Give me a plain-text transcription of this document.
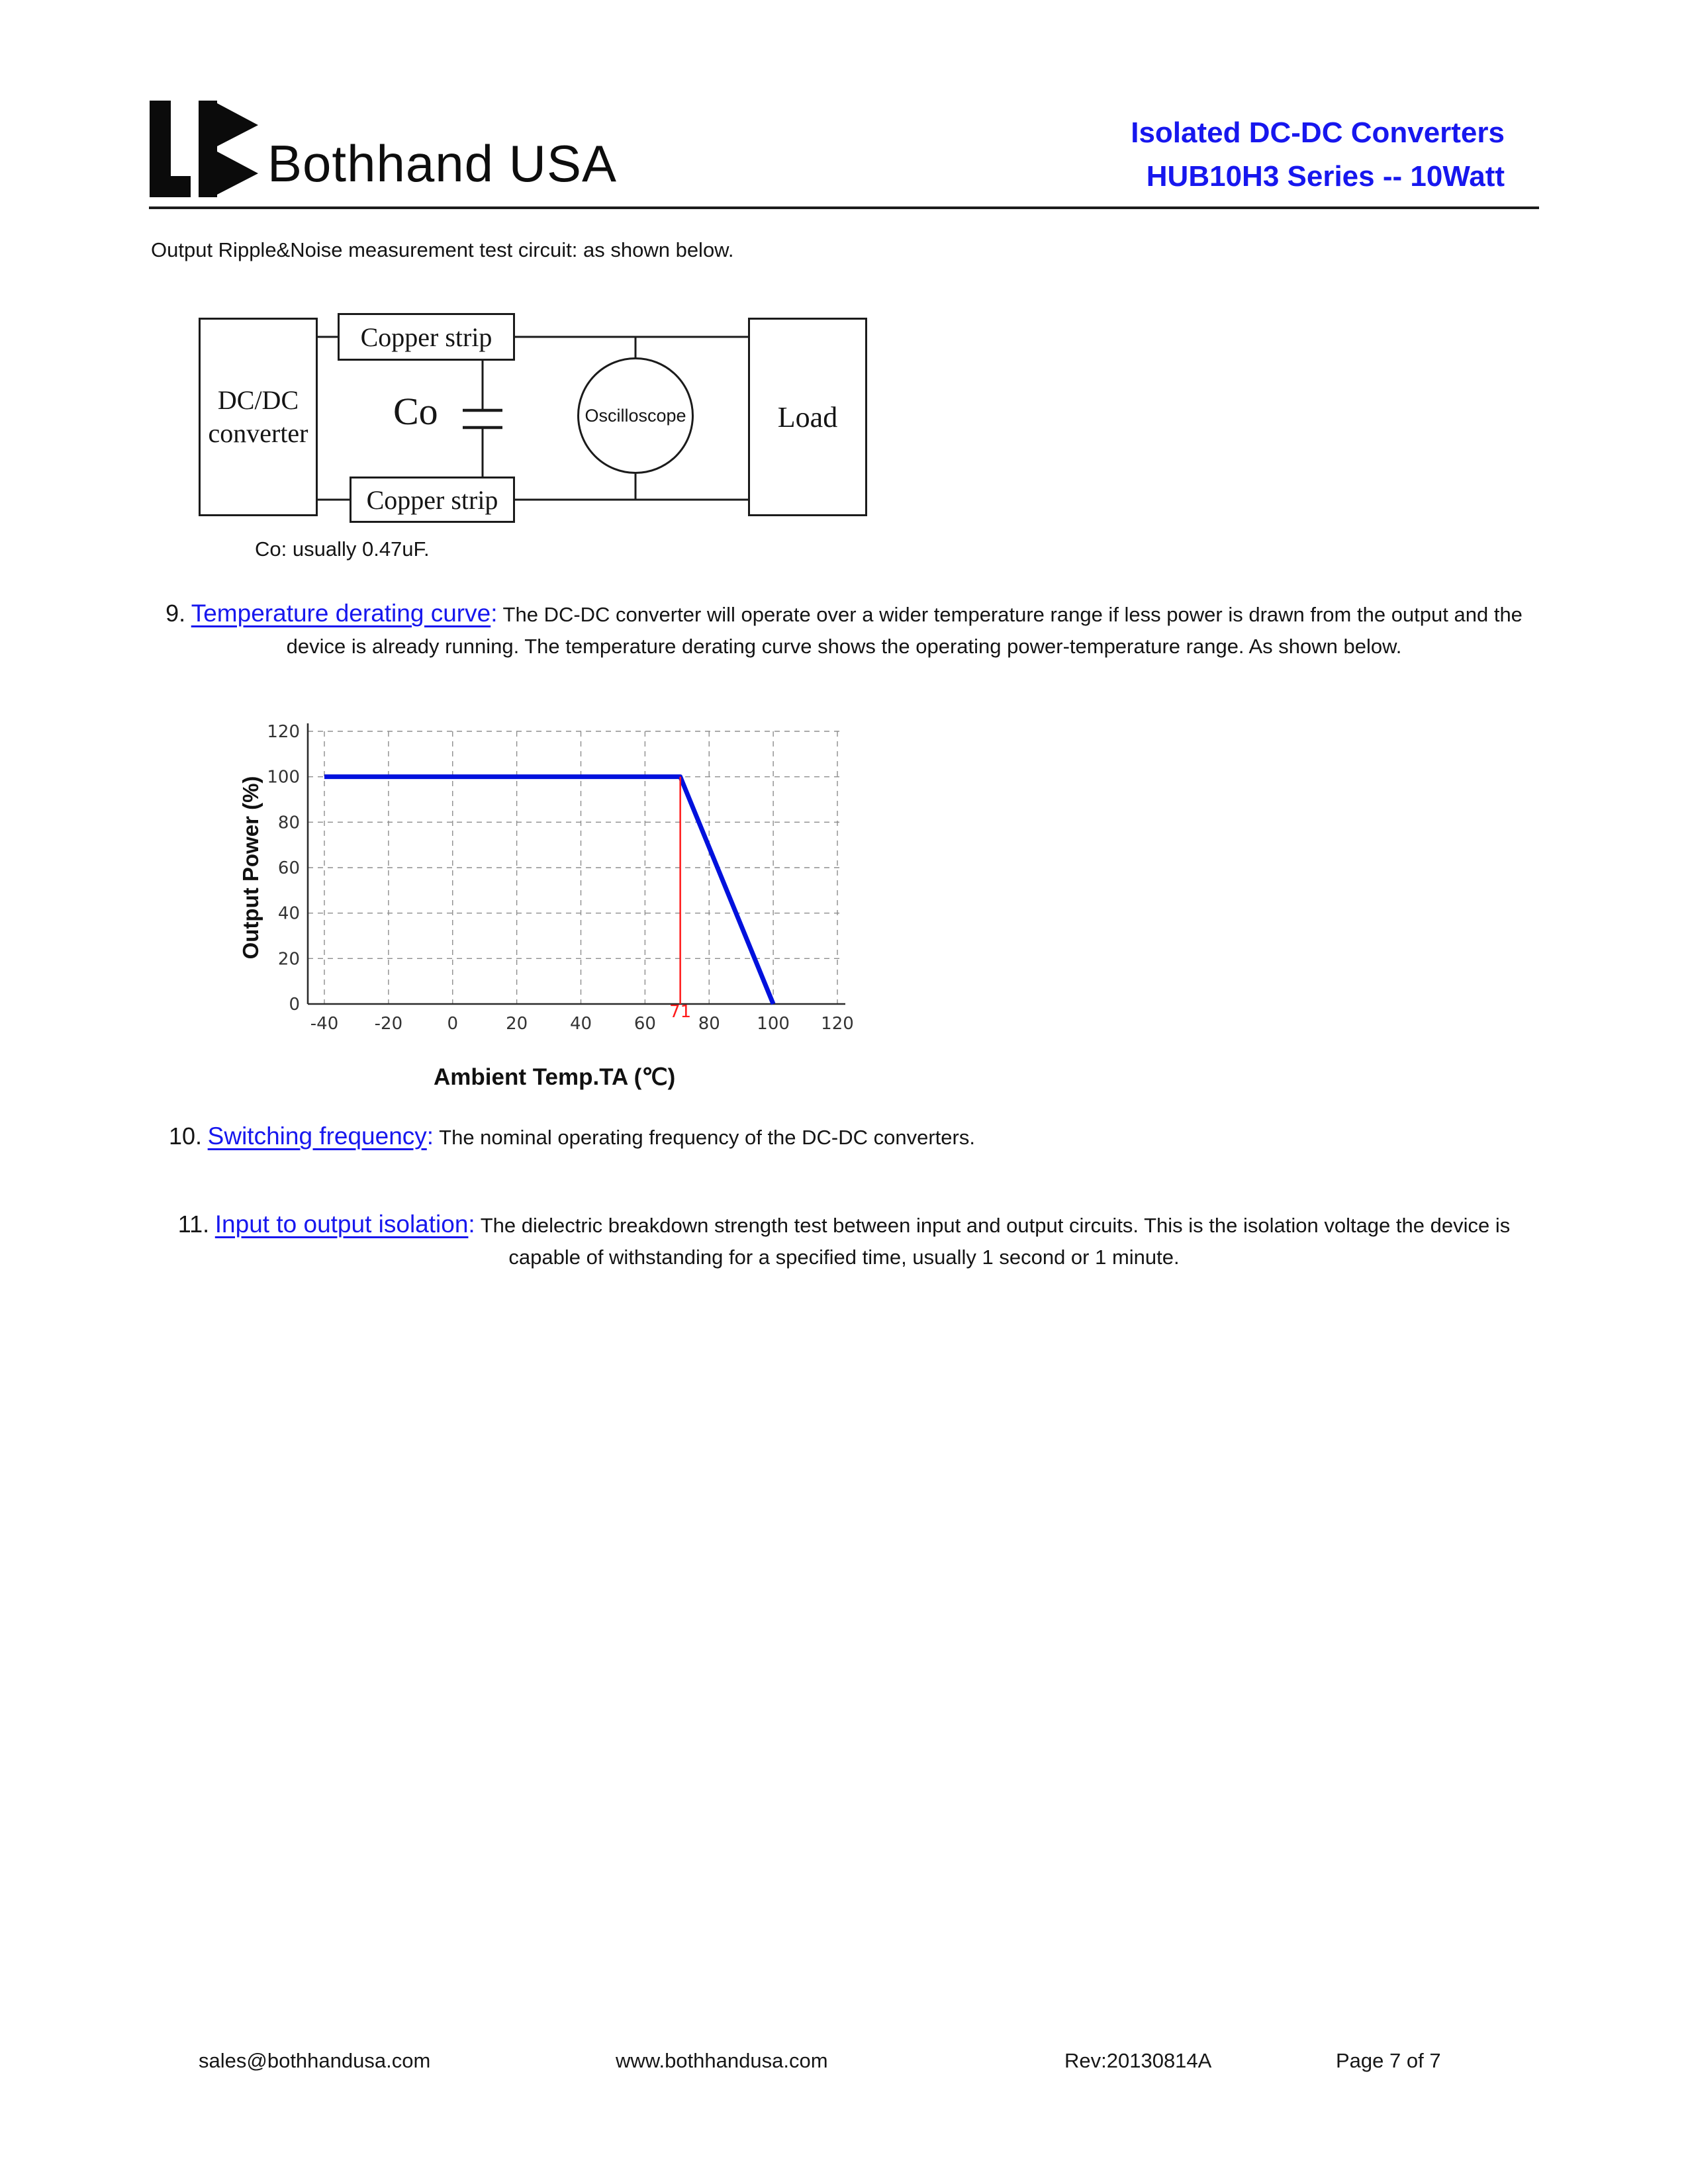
Bothhand USA
Isolated DC-DC Converters
HUB10H3 Series -- 10Watt

Output Ripple&Noise measurement test circuit: as shown below.

DC/DC
converter
Copper strip
Copper strip
Co	Oscilloscope	Load

Co: usually 0.47uF.

9. Temperature derating curve: The DC-DC converter will operate over a wider temperature range if less power is drawn from the output and the device is already running. The temperature derating curve shows the operating power-temperature range. As shown below.

0
20
40
60
80
100
120
-40 -20	0	20 40 60 80 100 120
71
Output Power (%)
Ambient Temp.TA (℃)

10. Switching frequency: The nominal operating frequency of the DC-DC converters.

11. Input to output isolation: The dielectric breakdown strength test between input and output circuits. This is the isolation voltage the device is capable of withstanding for a specified time, usually 1 second or 1 minute.

sales@bothhandusa.com	www.bothhandusa.com	Rev:20130814A	Page 7 of 7
